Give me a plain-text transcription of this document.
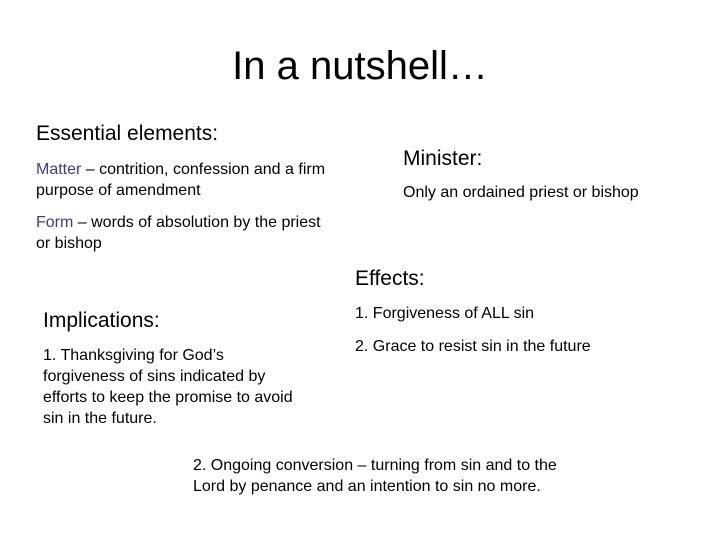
In a nutshell…
Essential elements:
Matter – contrition, confession and a firm purpose of amendment
Form – words of absolution by the priest or bishop
Minister:
Only an ordained priest or bishop
Effects:
1. Forgiveness of ALL sin
2. Grace to resist sin in the future
Implications:
1. Thanksgiving for God’s forgiveness of sins indicated by efforts to keep the promise to avoid sin in the future.
2. Ongoing conversion – turning from sin and to the Lord by penance and an intention to sin no more.
